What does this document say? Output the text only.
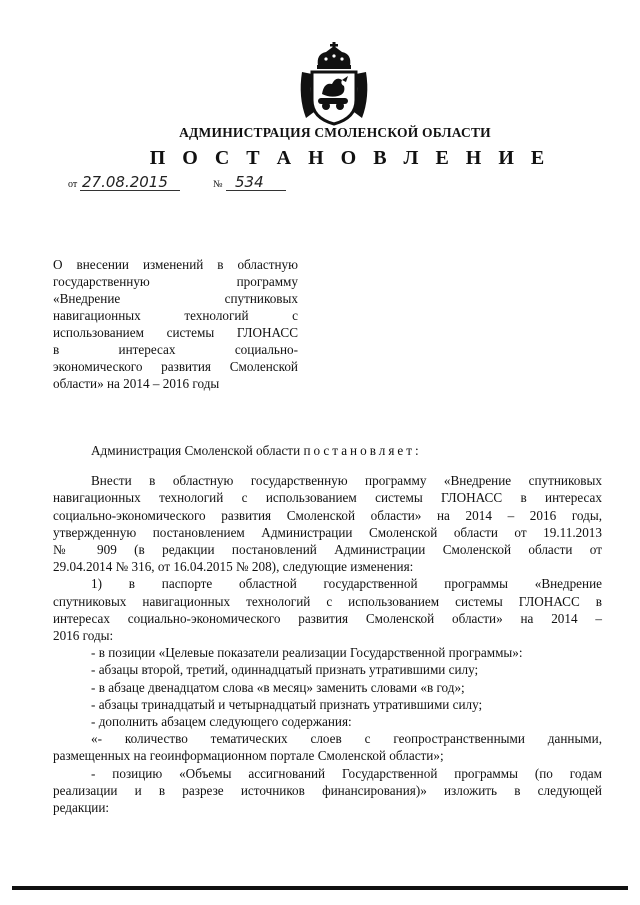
АДМИНИСТРАЦИЯ СМОЛЕНСКОЙ ОБЛАСТИ
П О С Т А Н О В Л Е Н И Е
от 27.08.2015	№ 534
О внесении изменений в областную
государственную программу
«Внедрение спутниковых
навигационных технологий с
использованием системы ГЛОНАСС
в интересах социально-
экономического развития Смоленской
области» на 2014 – 2016 годы
Администрация Смоленской области постановляет:
Внести в областную государственную программу «Внедрение спутниковых
навигационных технологий с использованием системы ГЛОНАСС в интересах
социально-экономического развития Смоленской области» на 2014 – 2016 годы,
утвержденную постановлением Администрации Смоленской области от 19.11.2013
№ 909 (в редакции постановлений Администрации Смоленской области от
29.04.2014 № 316, от 16.04.2015 № 208), следующие изменения:
1) в паспорте областной государственной программы «Внедрение
спутниковых навигационных технологий с использованием системы ГЛОНАСС в
интересах социально-экономического развития Смоленской области» на 2014 –
2016 годы:
- в позиции «Целевые показатели реализации Государственной программы»:
- абзацы второй, третий, одиннадцатый признать утратившими силу;
- в абзаце двенадцатом слова «в месяц» заменить словами «в год»;
- абзацы тринадцатый и четырнадцатый признать утратившими силу;
- дополнить абзацем следующего содержания:
«- количество тематических слоев с геопространственными данными,
размещенных на геоинформационном портале Смоленской области»;
- позицию «Объемы ассигнований Государственной программы (по годам
реализации и в разрезе источников финансирования)» изложить в следующей
редакции:
